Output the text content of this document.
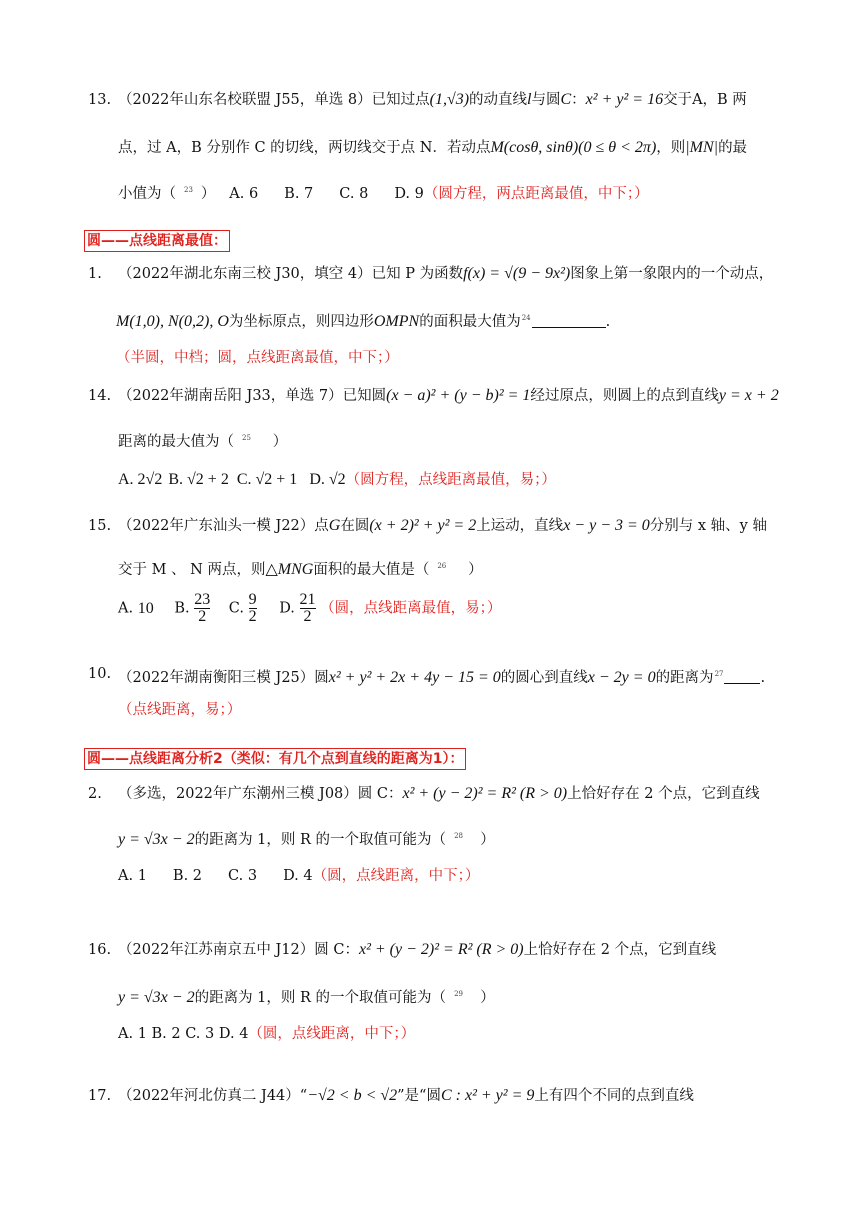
13. （2022年山东名校联盟 J55，单选 8）已知过点(1,√3)的动直线l与圆C：x² + y² = 16交于A，B 两
点，过 A，B 分别作 C 的切线，两切线交于点 N．若动点M(cosθ, sinθ)(0 ≤ θ < 2π)，则|MN|的最
小值为（ $^{23}$ ） A. 6 B. 7 C. 8 D. 9（圆方程，两点距离最值，中下；）
圆——点线距离最值：
1. （2022年湖北东南三校 J30，填空 4）已知 P 为函数f(x) = √(9 − 9x²)图象上第一象限内的一个动点，
M(1,0), N(0,2), O为坐标原点，则四边形OMPN的面积最大值为$^{24}$	.
（半圆，中档；圆，点线距离最值，中下；）
14. （2022年湖南岳阳 J33，单选 7）已知圆(x − a)² + (y − b)² = 1经过原点，则圆上的点到直线y = x + 2
距离的最大值为（ $^{25}$ ）
A. 2√2 B. √2 + 2 C. √2 + 1 D. √2（圆方程，点线距离最值，易；）
15. （2022年广东汕头一模 J22）点G在圆(x + 2)² + y² = 2上运动，直线x − y − 3 = 0分别与 x 轴、y 轴
交于 M 、 N 两点，则△MNG面积的最大值是（ $^{26}$ ）
A. 10 B. $\frac{23}{2} C$. $\frac{9}{2} D$. $\frac{21}{2}$ （圆，点线距离最值，易；）
10. （2022年湖南衡阳三模 J25）圆x² + y² + 2x + 4y − 15 = 0的圆心到直线x − 2y = 0的距离为$^{27}$	.
（点线距离，易；）
圆——点线距离分析2（类似：有几个点到直线的距离为1）：
2. （多选，2022年广东潮州三模 J08）圆 C：x² + (y − 2)² = R² (R > 0)上恰好存在 2 个点，它到直线
y = √3x − 2的距离为 1，则 R 的一个取值可能为（ $^{28}$ ）
A. 1 B. 2 C. 3 D. 4（圆，点线距离，中下；）
16. （2022年江苏南京五中 J12）圆 C：x² + (y − 2)² = R² (R > 0)上恰好存在 2 个点，它到直线
y = √3x − 2的距离为 1，则 R 的一个取值可能为（ $^{29}$ ）
A. 1 B. 2 C. 3 D. 4（圆，点线距离，中下；）
17. （2022年河北仿真二 J44）“−√2 < b < √2”是“圆C : x² + y² = 9上有四个不同的点到直线
